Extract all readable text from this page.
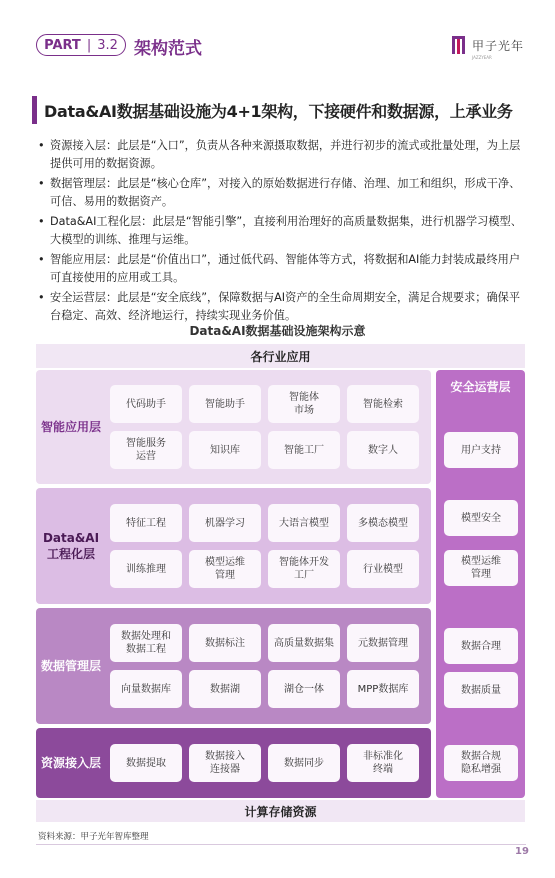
PART | 3.2 架构范式	甲子光年
JAZZYEAR
Data&AI数据基础设施为4+1架构，下接硬件和数据源，上承业务
• 资源接入层：此层是“入口”，负责从各种来源摄取数据，并进行初步的流式或批量处理，为上层提供可用的数据资源。
• 数据管理层：此层是“核心仓库”，对接入的原始数据进行存储、治理、加工和组织，形成干净、可信、易用的数据资产。
• Data&AI工程化层：此层是“智能引擎”，直接利用治理好的高质量数据集，进行机器学习模型、大模型的训练、推理与运维。
• 智能应用层：此层是“价值出口”，通过低代码、智能体等方式，将数据和AI能力封装成最终用户可直接使用的应用或工具。
• 安全运营层：此层是“安全底线”，保障数据与AI资产的全生命周期安全，满足合规要求；确保平台稳定、高效、经济地运行，持续实现业务价值。
Data&AI数据基础设施架构示意
各行业应用
智能应用层
代码助手	智能助手
智能体
市场
智能检索
智能服务
运营
知识库	智能工厂	数字人
Data&AI
工程化层
特征工程	机器学习	大语言模型	多模态模型
训练推理
模型运维
管理
智能体开发
工厂
行业模型
数据管理层
数据处理和
数据工程
数据标注	高质量数据集	元数据管理
向量数据库	数据湖	湖仓一体	MPP数据库
资源接入层	数据提取
数据接入
连接器
数据同步
非标准化
终端
安全运营层
用户支持
模型安全
模型运维
管理
数据合理
数据质量
数据合规
隐私增强
计算存储资源
资料来源：甲子光年智库整理
19
